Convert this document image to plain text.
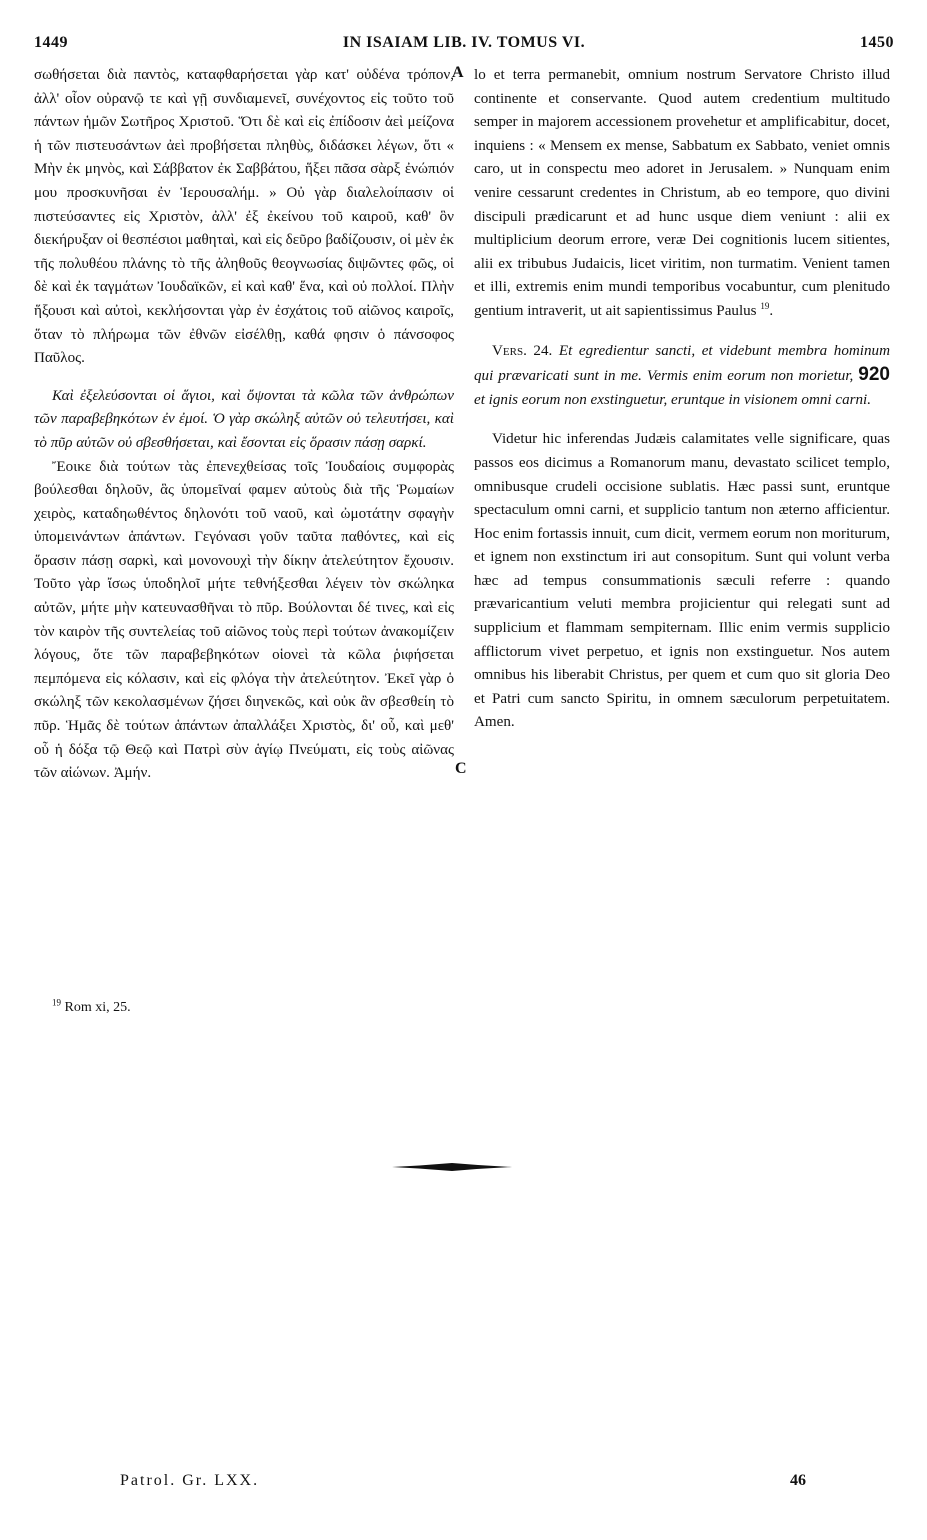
1449	IN ISAIAM LIB. IV. TOMUS VI.	1450
A
C

σωθήσεται διὰ παντὸς, καταφθαρήσεται γὰρ κατ' οὐδένα τρόπον, ἀλλ' οἷον οὐρανῷ τε καὶ γῇ συνδιαμενεῖ, συνέχοντος εἰς τοῦτο τοῦ πάντων ἡμῶν Σωτῆρος Χριστοῦ. Ὅτι δὲ καὶ εἰς ἐπίδοσιν ἀεὶ μείζονα ἡ τῶν πιστευσάντων ἀεὶ προβήσεται πληθὺς, διδάσκει λέγων, ὅτι « Μὴν ἐκ μηνὸς, καὶ Σάββατον ἐκ Σαββάτου, ἥξει πᾶσα σὰρξ ἐνώπιόν μου προσκυνῆσαι ἐν Ἱερουσαλήμ. » Οὐ γὰρ διαλελοίπασιν οἱ πιστεύσαντες εἰς Χριστὸν, ἀλλ' ἐξ ἐκείνου τοῦ καιροῦ, καθ' ὃν διεκήρυξαν οἱ θεσπέσιοι μαθηταὶ, καὶ εἰς δεῦρο βαδίζουσιν, οἱ μὲν ἐκ τῆς πολυθέου πλάνης τὸ τῆς ἀληθοῦς θεογνωσίας διψῶντες φῶς, οἱ δὲ καὶ ἐκ ταγμάτων Ἰουδαϊκῶν, εἰ καὶ καθ' ἕνα, καὶ οὐ πολλοί. Πλὴν ἥξουσι καὶ αὐτοὶ, κεκλήσονται γὰρ ἐν ἐσχάτοις τοῦ αἰῶνος καιροῖς, ὅταν τὸ πλήρωμα τῶν ἐθνῶν εἰσέλθῃ, καθά φησιν ὁ πάνσοφος Παῦλος.

Καὶ ἐξελεύσονται οἱ ἅγιοι, καὶ ὄψονται τὰ κῶλα τῶν ἀνθρώπων τῶν παραβεβηκότων ἐν ἐμοί. Ὁ γὰρ σκώληξ αὐτῶν οὐ τελευτήσει, καὶ τὸ πῦρ αὐτῶν οὐ σβεσθήσεται, καὶ ἔσονται εἰς ὅρασιν πάσῃ σαρκί.

Ἔοικε διὰ τούτων τὰς ἐπενεχθείσας τοῖς Ἰουδαίοις συμφορὰς βούλεσθαι δηλοῦν, ἃς ὑπομεῖναί φαμεν αὐτοὺς διὰ τῆς Ῥωμαίων χειρὸς, καταδηωθέντος δηλονότι τοῦ ναοῦ, καὶ ὠμοτάτην σφαγὴν ὑπομεινάντων ἁπάντων. Γεγόνασι γοῦν ταῦτα παθόντες, καὶ εἰς ὅρασιν πάσῃ σαρκὶ, καὶ μονονουχὶ τὴν δίκην ἀτελεύτητον ἔχουσιν. Τοῦτο γὰρ ἴσως ὑποδηλοῖ μήτε τεθνήξεσθαι λέγειν τὸν σκώληκα αὐτῶν, μήτε μὴν κατευνασθῆναι τὸ πῦρ. Βούλονται δέ τινες, καὶ εἰς τὸν καιρὸν τῆς συντελείας τοῦ αἰῶνος τοὺς περὶ τούτων ἀνακομίζειν λόγους, ὅτε τῶν παραβεβηκότων οἱονεὶ τὰ κῶλα ῥιφήσεται πεμπόμενα εἰς κόλασιν, καὶ εἰς φλόγα τὴν ἀτελεύτητον. Ἐκεῖ γὰρ ὁ σκώληξ τῶν κεκολασμένων ζήσει διηνεκῶς, καὶ οὐκ ἂν σβεσθείη τὸ πῦρ. Ἡμᾶς δὲ τούτων ἁπάντων ἀπαλλάξει Χριστὸς, δι' οὗ, καὶ μεθ' οὗ ἡ δόξα τῷ Θεῷ καὶ Πατρὶ σὺν ἁγίῳ Πνεύματι, εἰς τοὺς αἰῶνας τῶν αἰώνων. Ἀμήν.

lo et terra permanebit, omnium nostrum Servatore Christo illud continente et conservante. Quod autem credentium multitudo semper in majorem accessionem provehetur et amplificabitur, docet, inquiens : « Mensem ex mense, Sabbatum ex Sabbato, veniet omnis caro, ut in conspectu meo adoret in Jerusalem. » Nunquam enim venire cessarunt credentes in Christum, ab eo tempore, quo divini discipuli prædicarunt et ad hunc usque diem veniunt : alii ex multiplicium deorum errore, veræ Dei cognitionis lucem sitientes, alii ex tribubus Judaicis, licet viritim, non turmatim. Venient tamen et illi, extremis enim mundi temporibus vocabuntur, cum plenitudo gentium intraverit, ut ait sapientissimus Paulus $^{19}$.

Vers. 24. Et egredientur sancti, et videbunt membra hominum qui prævaricati sunt in me. Vermis enim eorum non morietur, 920 et ignis eorum non exstinguetur, eruntque in visionem omni carni.

Videtur hic inferendas Judæis calamitates velle significare, quas passos eos dicimus a Romanorum manu, devastato scilicet templo, omnibusque crudeli occisione sublatis. Hæc passi sunt, eruntque spectaculum omni carni, et supplicio tantum non æterno afficientur. Hoc enim fortassis innuit, cum dicit, vermem eorum non moriturum, et ignem non exstinctum iri aut consopitum. Sunt qui volunt verba hæc ad tempus consummationis sæculi referre : quando prævaricantium veluti membra projicientur qui relegati sunt ad supplicium et flammam sempiternam. Illic enim vermis supplicio afflictorum vivet perpetuo, et ignis non exstinguetur. Nos autem omnibus his liberabit Christus, per quem et cum quo sit gloria Deo et Patri cum sancto Spiritu, in omnem sæculorum perpetuitatem. Amen.

$^{19}$ Rom xi, 25.
Patrol. Gr. LXX.	46
